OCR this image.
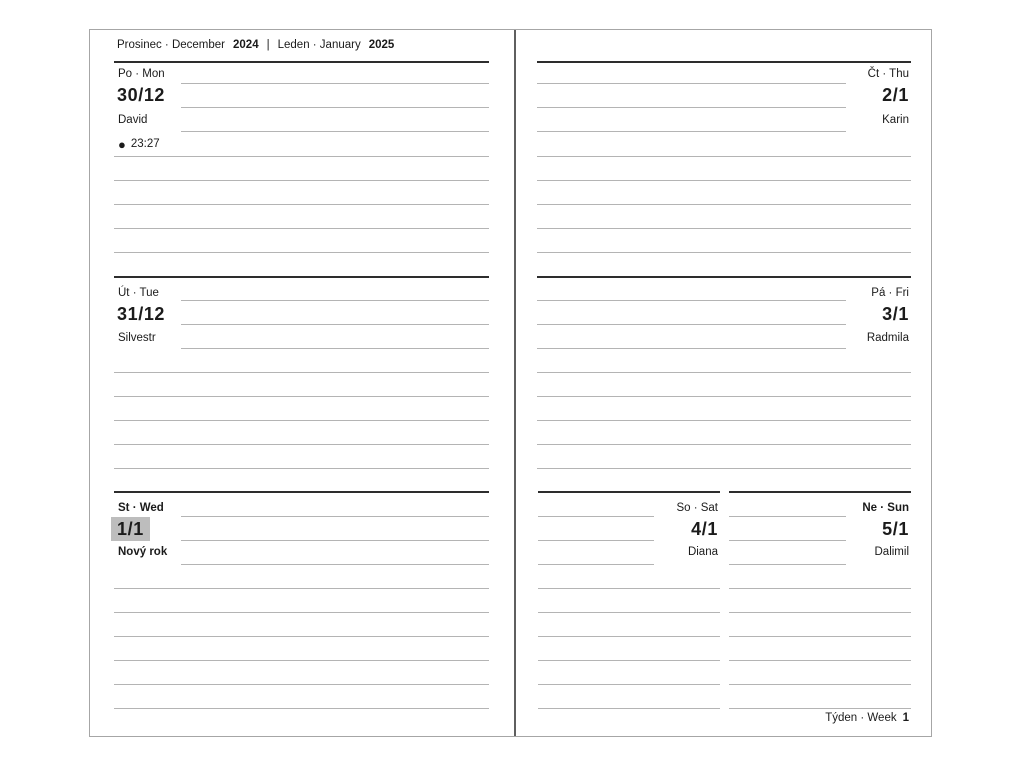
Prosinec · December 2024 | Leden · January 2025
Po · Mon
30/12
David
● 23:27
Út · Tue
31/12
Silvestr
St · Wed
1/1
Nový rok
Čt · Thu
2/1
Karin
Pá · Fri
3/1
Radmila
So · Sat
4/1
Diana
Ne · Sun
5/1
Dalimil
Týden · Week 1
